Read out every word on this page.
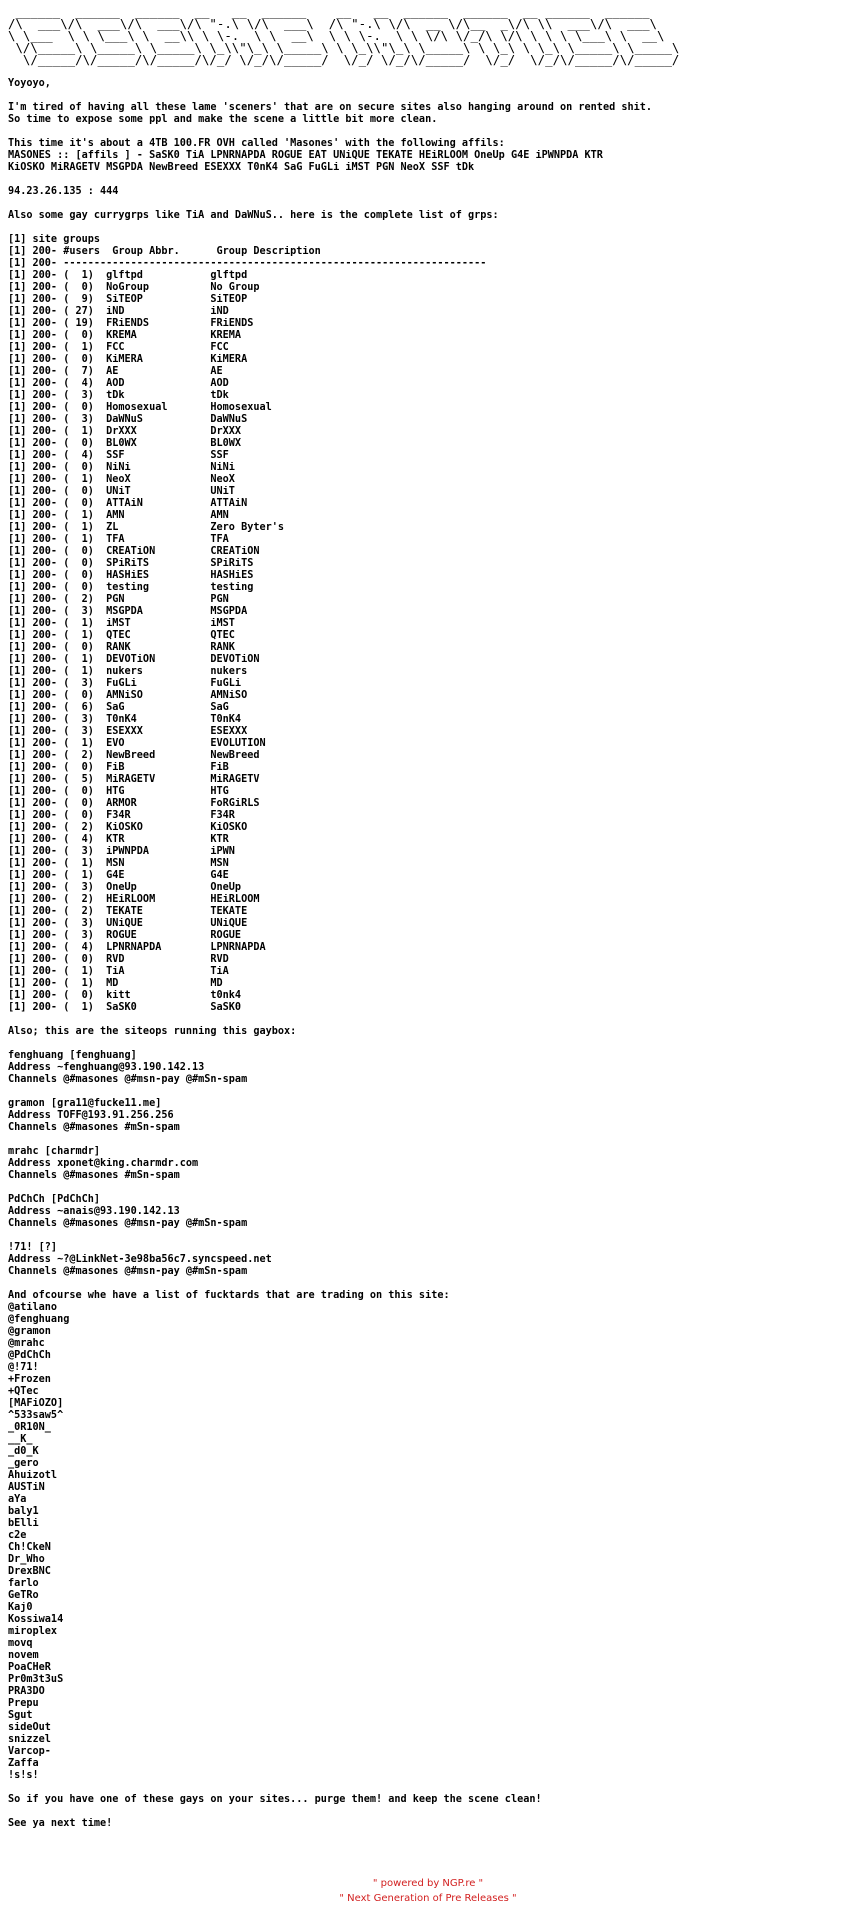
______  ______  ______  __   __  ______    __   __  ______  ______  __ ______  ______
/\  ___\/\  ___\/\  ___\/\ "-.\ \/\  ___\  /\ "-.\ \/\  __ \/\__  _\/\ \\  ___\/\  ___\
\ \___  \ \ \___\ \  __\\ \ \-.  \ \  __\  \ \ \-.  \ \ \/\ \/_/\ \/\ \ \ \ \___\ \  __\
\/\_____\ \_____\ \_____\ \_\\"\_\ \_____\ \ \_\\"\_\ \_____\ \ \_\ \ \_\ \_____\ \_____\
\/_____/\/_____/\/_____/\/_/ \/_/\/_____/  \/_/ \/_/\/_____/  \/_/  \/_/\/_____/\/_____/
Yoyoyo,
I'm tired of having all these lame 'sceners' that are on secure sites also hanging around on rented shit.
So time to expose some ppl and make the scene a little bit more clean.
This time it's about a 4TB 100.FR OVH called 'Masones' with the following affils:
MASONES :: [affils ] - SaSK0 TiA LPNRNAPDA ROGUE EAT UNiQUE TEKATE HEiRLOOM OneUp G4E iPWNPDA KTR
KiOSKO MiRAGETV MSGPDA NewBreed ESEXXX T0nK4 SaG FuGLi iMST PGN NeoX SSF tDk
94.23.26.135 : 444
Also some gay currygrps like TiA and DaWNuS.. here is the complete list of grps:
[1] site groups
[1] 200- #users  Group Abbr.      Group Description
[1] 200- ---------------------------------------------------------------------
[1] 200- (  1)  glftpd           glftpd
[1] 200- (  0)  NoGroup          No Group
[1] 200- (  9)  SiTEOP           SiTEOP
[1] 200- ( 27)  iND              iND
[1] 200- ( 19)  FRiENDS          FRiENDS
[1] 200- (  0)  KREMA            KREMA
[1] 200- (  1)  FCC              FCC
[1] 200- (  0)  KiMERA           KiMERA
[1] 200- (  7)  AE               AE
[1] 200- (  4)  AOD              AOD
[1] 200- (  3)  tDk              tDk
[1] 200- (  0)  Homosexual       Homosexual
[1] 200- (  3)  DaWNuS           DaWNuS
[1] 200- (  1)  DrXXX            DrXXX
[1] 200- (  0)  BL0WX            BL0WX
[1] 200- (  4)  SSF              SSF
[1] 200- (  0)  NiNi             NiNi
[1] 200- (  1)  NeoX             NeoX
[1] 200- (  0)  UNiT             UNiT
[1] 200- (  0)  ATTAiN           ATTAiN
[1] 200- (  1)  AMN              AMN
[1] 200- (  1)  ZL               Zero Byter's
[1] 200- (  1)  TFA              TFA
[1] 200- (  0)  CREATiON         CREATiON
[1] 200- (  0)  SPiRiTS          SPiRiTS
[1] 200- (  0)  HASHiES          HASHiES
[1] 200- (  0)  testing          testing
[1] 200- (  2)  PGN              PGN
[1] 200- (  3)  MSGPDA           MSGPDA
[1] 200- (  1)  iMST             iMST
[1] 200- (  1)  QTEC             QTEC
[1] 200- (  0)  RANK             RANK
[1] 200- (  1)  DEVOTiON         DEVOTiON
[1] 200- (  1)  nukers           nukers
[1] 200- (  3)  FuGLi            FuGLi
[1] 200- (  0)  AMNiSO           AMNiSO
[1] 200- (  6)  SaG              SaG
[1] 200- (  3)  T0nK4            T0nK4
[1] 200- (  3)  ESEXXX           ESEXXX
[1] 200- (  1)  EVO              EVOLUTION
[1] 200- (  2)  NewBreed         NewBreed
[1] 200- (  0)  FiB              FiB
[1] 200- (  5)  MiRAGETV         MiRAGETV
[1] 200- (  0)  HTG              HTG
[1] 200- (  0)  ARMOR            FoRGiRLS
[1] 200- (  0)  F34R             F34R
[1] 200- (  2)  KiOSKO           KiOSKO
[1] 200- (  4)  KTR              KTR
[1] 200- (  3)  iPWNPDA          iPWN
[1] 200- (  1)  MSN              MSN
[1] 200- (  1)  G4E              G4E
[1] 200- (  3)  OneUp            OneUp
[1] 200- (  2)  HEiRLOOM         HEiRLOOM
[1] 200- (  2)  TEKATE           TEKATE
[1] 200- (  3)  UNiQUE           UNiQUE
[1] 200- (  3)  ROGUE            ROGUE
[1] 200- (  4)  LPNRNAPDA        LPNRNAPDA
[1] 200- (  0)  RVD              RVD
[1] 200- (  1)  TiA              TiA
[1] 200- (  1)  MD               MD
[1] 200- (  0)  kitt             t0nk4
[1] 200- (  1)  SaSK0            SaSK0
Also; this are the siteops running this gaybox:
fenghuang [fenghuang]
Address ~fenghuang@93.190.142.13
Channels @#masones @#msn-pay @#mSn-spam
gramon [gra11@fucke11.me]
Address TOFF@193.91.256.256
Channels @#masones #mSn-spam
mrahc [charmdr]
Address xponet@king.charmdr.com
Channels @#masones #mSn-spam
PdChCh [PdChCh]
Address ~anais@93.190.142.13
Channels @#masones @#msn-pay @#mSn-spam
!71! [?]
Address ~?@LinkNet-3e98ba56c7.syncspeed.net
Channels @#masones @#msn-pay @#mSn-spam
And ofcourse whe have a list of fucktards that are trading on this site:
@atilano
@fenghuang
@gramon
@mrahc
@PdChCh
@!71!
+Frozen
+QTec
[MAFiOZO]
^533saw5^
_0R10N_
__K_
_d0_K
_gero
Ahuizotl
AUSTiN
aYa
baly1
bElli
c2e
Ch!CkeN
Dr_Who
DrexBNC
farlo
GeTRo
Kaj0
Kossiwa14
miroplex
movq
novem
PoaCHeR
Pr0m3t3uS
PRA3DO
Prepu
Sgut
sideOut
snizzel
Varcop-
Zaffa
!s!s!
So if you have one of these gays on your sites... purge them! and keep the scene clean!
See ya next time!
" powered by NGP.re "
" Next Generation of Pre Releases "
